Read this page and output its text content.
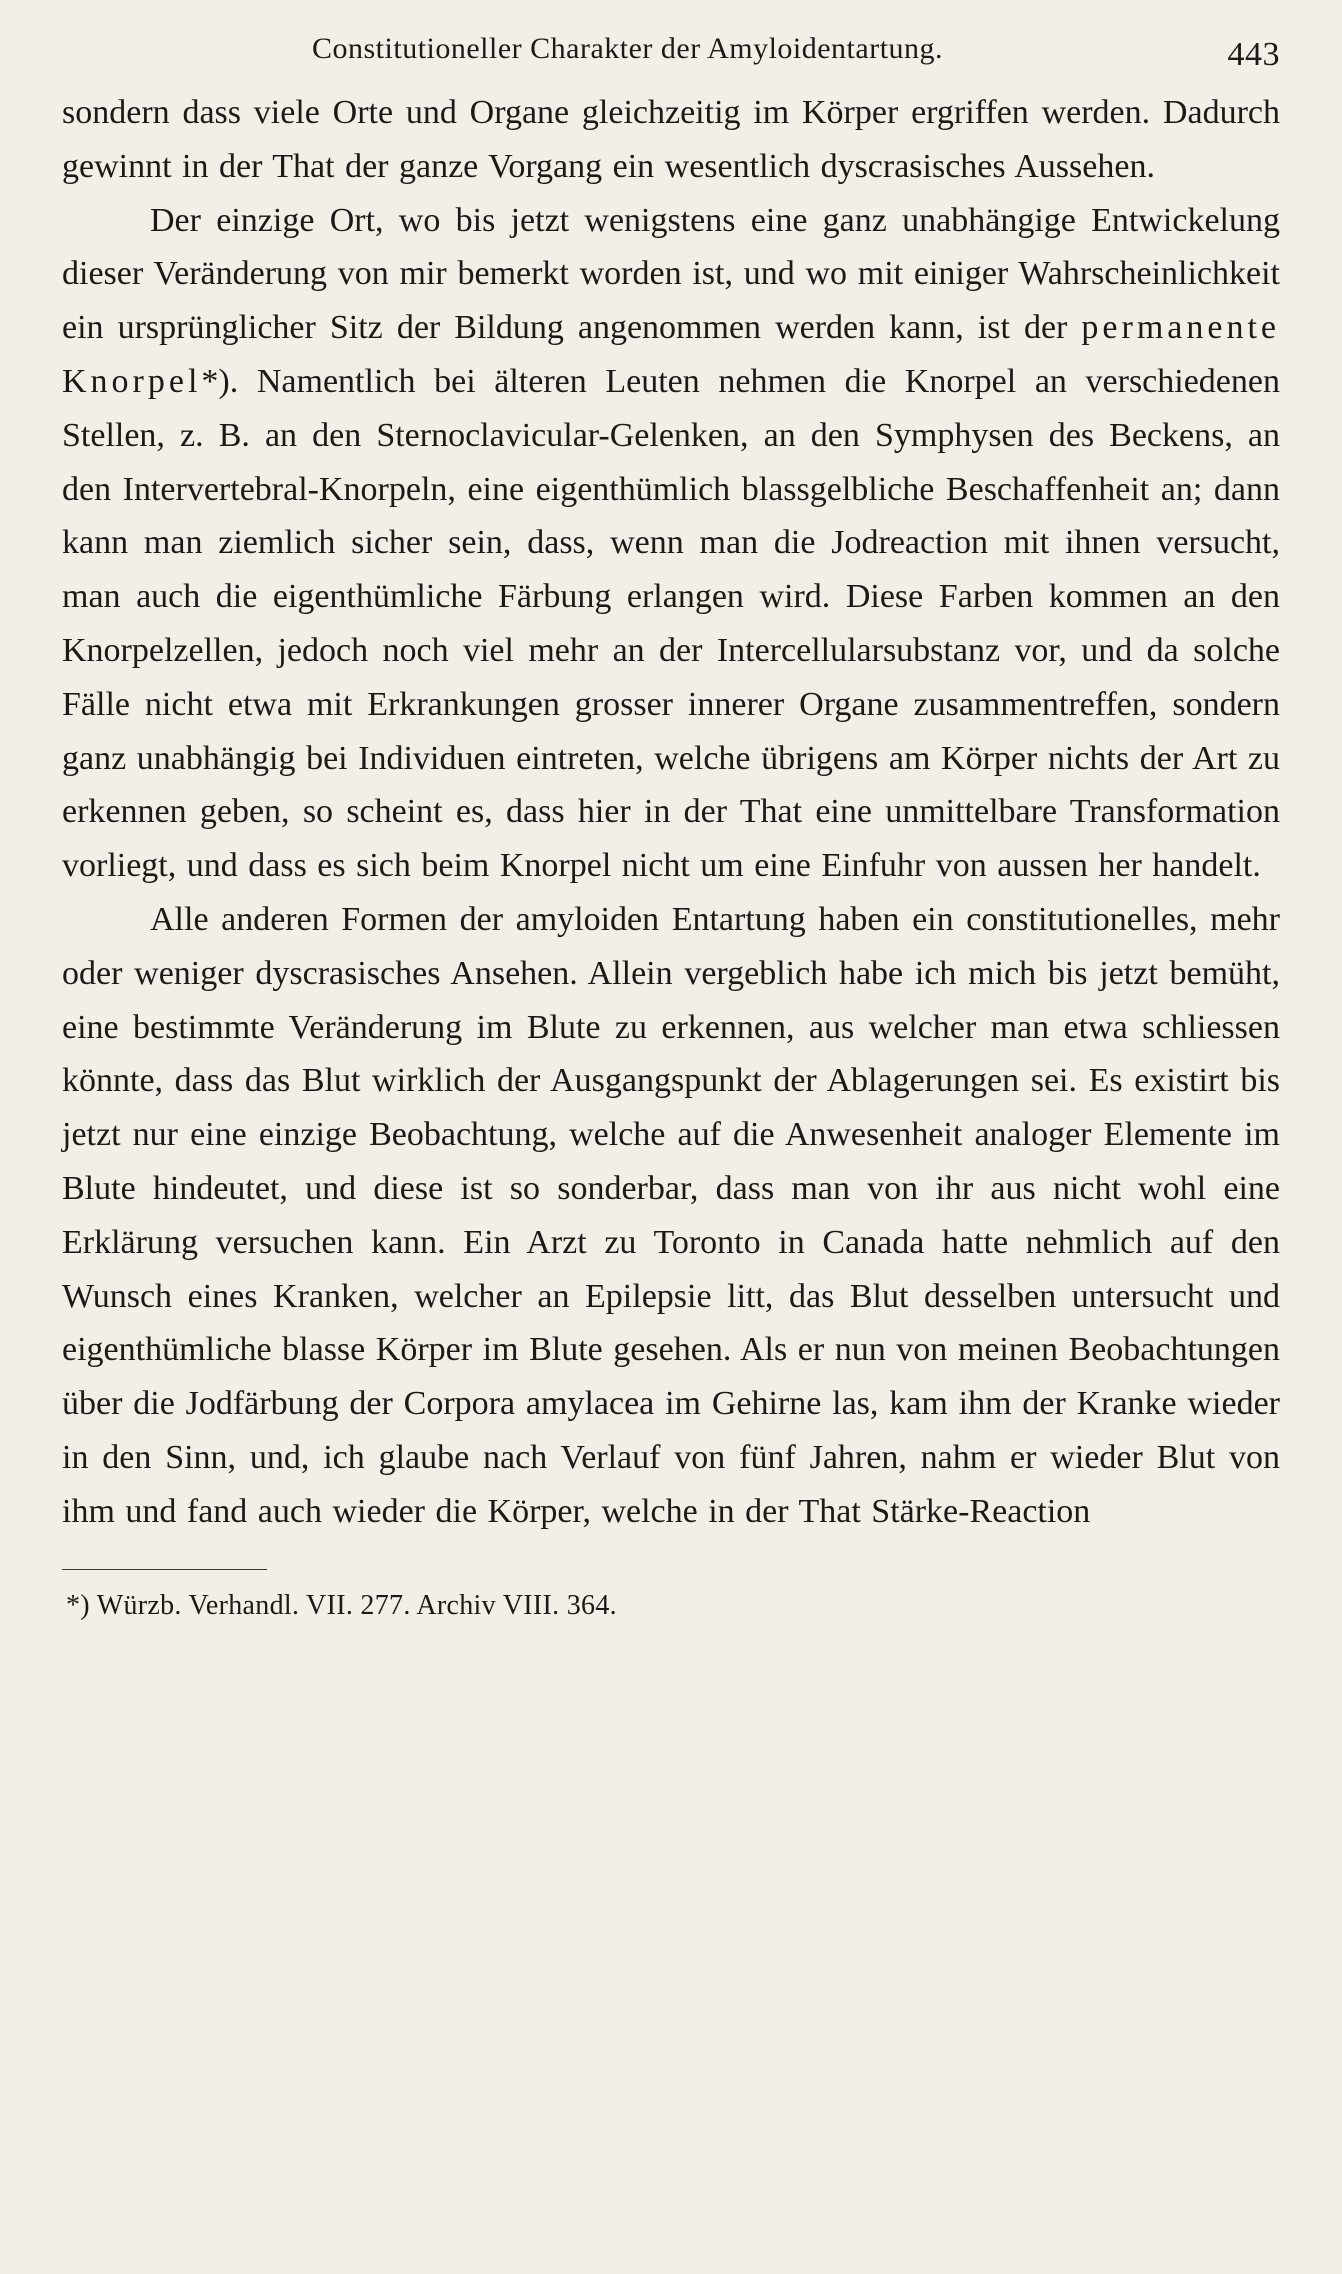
Constitutioneller Charakter der Amyloidentartung.	443

sondern dass viele Orte und Organe gleichzeitig im Körper ergriffen werden. Dadurch gewinnt in der That der ganze Vorgang ein wesentlich dyscrasisches Aussehen.

Der einzige Ort, wo bis jetzt wenigstens eine ganz unabhängige Entwickelung dieser Veränderung von mir bemerkt worden ist, und wo mit einiger Wahrscheinlichkeit ein ursprünglicher Sitz der Bildung angenommen werden kann, ist der permanente Knorpel*). Namentlich bei älteren Leuten nehmen die Knorpel an verschiedenen Stellen, z. B. an den Sternoclavicular-Gelenken, an den Symphysen des Beckens, an den Intervertebral-Knorpeln, eine eigenthümlich blassgelbliche Beschaffenheit an; dann kann man ziemlich sicher sein, dass, wenn man die Jodreaction mit ihnen versucht, man auch die eigenthümliche Färbung erlangen wird. Diese Farben kommen an den Knorpelzellen, jedoch noch viel mehr an der Intercellularsubstanz vor, und da solche Fälle nicht etwa mit Erkrankungen grosser innerer Organe zusammentreffen, sondern ganz unabhängig bei Individuen eintreten, welche übrigens am Körper nichts der Art zu erkennen geben, so scheint es, dass hier in der That eine unmittelbare Transformation vorliegt, und dass es sich beim Knorpel nicht um eine Einfuhr von aussen her handelt.

Alle anderen Formen der amyloiden Entartung haben ein constitutionelles, mehr oder weniger dyscrasisches Ansehen. Allein vergeblich habe ich mich bis jetzt bemüht, eine bestimmte Veränderung im Blute zu erkennen, aus welcher man etwa schliessen könnte, dass das Blut wirklich der Ausgangspunkt der Ablagerungen sei. Es existirt bis jetzt nur eine einzige Beobachtung, welche auf die Anwesenheit analoger Elemente im Blute hindeutet, und diese ist so sonderbar, dass man von ihr aus nicht wohl eine Erklärung versuchen kann. Ein Arzt zu Toronto in Canada hatte nehmlich auf den Wunsch eines Kranken, welcher an Epilepsie litt, das Blut desselben untersucht und eigenthümliche blasse Körper im Blute gesehen. Als er nun von meinen Beobachtungen über die Jodfärbung der Corpora amylacea im Gehirne las, kam ihm der Kranke wieder in den Sinn, und, ich glaube nach Verlauf von fünf Jahren, nahm er wieder Blut von ihm und fand auch wieder die Körper, welche in der That Stärke-Reaction

*) Würzb. Verhandl. VII. 277. Archiv VIII. 364.
